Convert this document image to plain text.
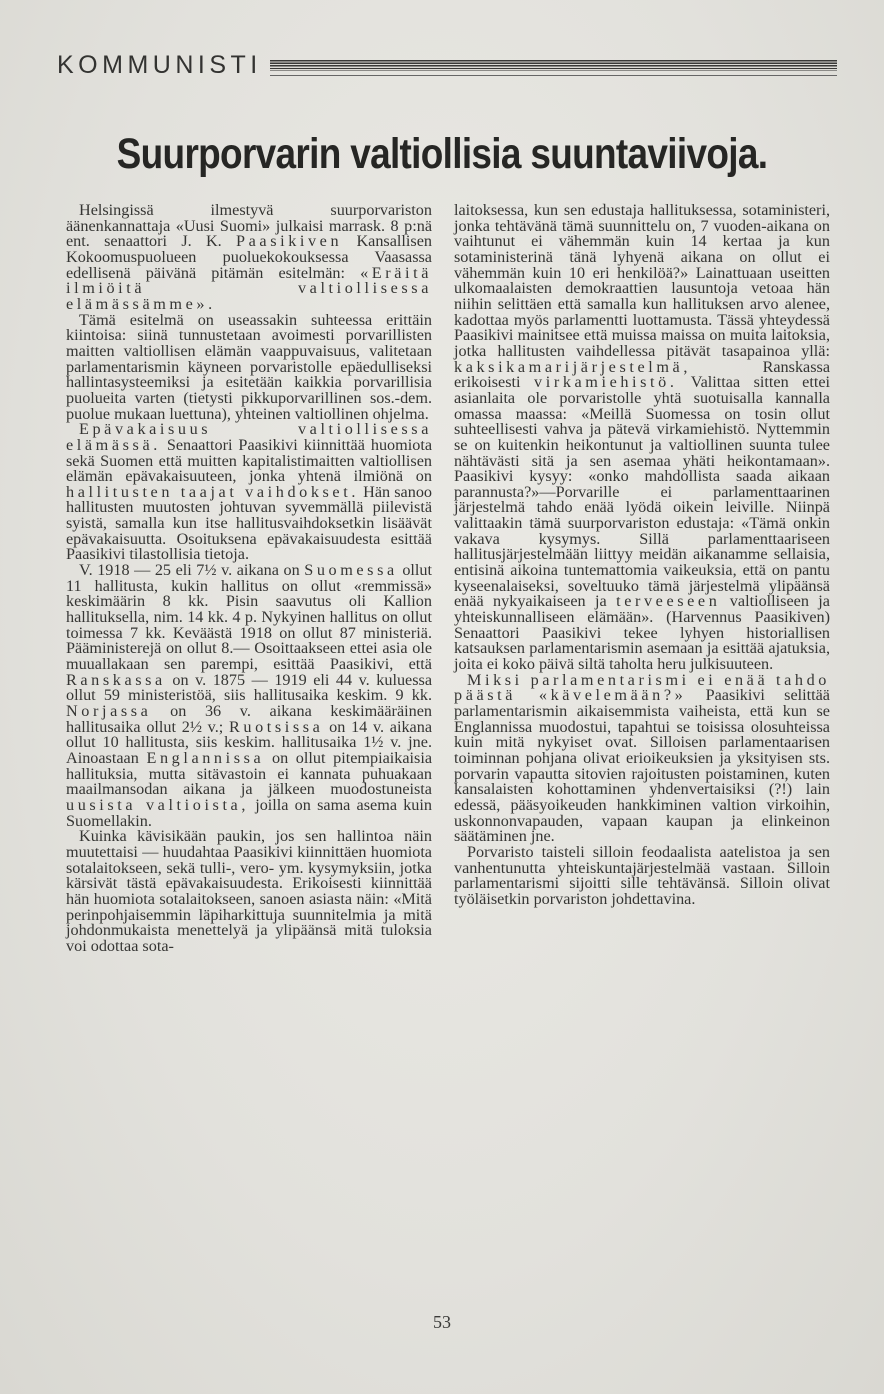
KOMMUNISTI
Suurporvarin valtiollisia suuntaviivoja.

Helsingissä ilmestyvä suurporvariston äänenkannattaja «Uusi Suomi» julkaisi marrask. 8 p:nä ent. senaattori J. K. Paasikiven Kansallisen Kokoomuspuolueen puoluekokouksessa Vaasassa edellisenä päivänä pitämän esitelmän: «Eräitä ilmiöitä valtiollisessa elämässämme».

Tämä esitelmä on useassakin suhteessa erittäin kiintoisa: siinä tunnustetaan avoimesti porvarillisten maitten valtiollisen elämän vaappuvaisuus, valitetaan parlamentarismin käyneen porvaristolle epäedulliseksi hallintasysteemiksi ja esitetään kaikkia porvarillisia puolueita varten (tietysti pikkuporvarillinen sos.-dem. puolue mukaan luettuna), yhteinen valtiollinen ohjelma.

Epävakaisuus valtiollisessa elämässä. Senaattori Paasikivi kiinnittää huomiota sekä Suomen että muitten kapitalistimaitten valtiollisen elämän epävakaisuuteen, jonka yhtenä ilmiönä on hallitusten taajat vaihdokset. Hän sanoo hallitusten muutosten johtuvan syvemmällä piilevistä syistä, samalla kun itse hallitusvaihdoksetkin lisäävät epävakaisuutta. Osoituksena epävakaisuudesta esittää Paasikivi tilastollisia tietoja.

V. 1918 — 25 eli 7½ v. aikana on Suomessa ollut 11 hallitusta, kukin hallitus on ollut «remmissä» keskimäärin 8 kk. Pisin saavutus oli Kallion hallituksella, nim. 14 kk. 4 p. Nykyinen hallitus on ollut toimessa 7 kk. Keväästä 1918 on ollut 87 ministeriä. Pääministerejä on ollut 8.— Osoittaakseen ettei asia ole muuallakaan sen parempi, esittää Paasikivi, että Ranskassa on v. 1875 — 1919 eli 44 v. kuluessa ollut 59 ministeristöä, siis hallitusaika keskim. 9 kk. Norjassa on 36 v. aikana keskimääräinen hallitusaika ollut 2½ v.; Ruotsissa on 14 v. aikana ollut 10 hallitusta, siis keskim. hallitusaika 1½ v. jne. Ainoastaan Englannissa on ollut pitempiaikaisia hallituksia, mutta sitävastoin ei kannata puhuakaan maailmansodan aikana ja jälkeen muodostuneista uusista valtioista, joilla on sama asema kuin Suomellakin.

Kuinka kävisikään paukin, jos sen hallintoa näin muutettaisi — huudahtaa Paasikivi kiinnittäen huomiota sotalaitokseen, sekä tulli-, vero- ym. kysymyksiin, jotka kärsivät tästä epävakaisuudesta. Erikoisesti kiinnittää hän huomiota sotalaitokseen, sanoen asiasta näin: «Mitä perinpohjaisemmin läpiharkittuja suunnitelmia ja mitä johdonmukaista menettelyä ja ylipäänsä mitä tuloksia voi odottaa sota-

laitoksessa, kun sen edustaja hallituksessa, sotaministeri, jonka tehtävänä tämä suunnittelu on, 7 vuoden-aikana on vaihtunut ei vähemmän kuin 14 kertaa ja kun sotaministerinä tänä lyhyenä aikana on ollut ei vähemmän kuin 10 eri henkilöä?» Lainattuaan useitten ulkomaalaisten demokraattien lausuntoja vetoaa hän niihin selittäen että samalla kun hallituksen arvo alenee, kadottaa myös parlamentti luottamusta. Tässä yhteydessä Paasikivi mainitsee että muissa maissa on muita laitoksia, jotka hallitusten vaihdellessa pitävät tasapainoa yllä: kaksikamarijärjestelmä,	Ranskassa erikoisesti virkamiehistö. Valittaa sitten ettei asianlaita ole porvaristolle yhtä suotuisalla kannalla omassa maassa: «Meillä Suomessa on tosin ollut suhteellisesti vahva ja pätevä virkamiehistö. Nyttemmin se on kuitenkin heikontunut ja valtiollinen suunta tulee nähtävästi sitä ja sen asemaa yhäti heikontamaan». Paasikivi kysyy: «onko mahdollista saada aikaan parannusta?»—Porvarille ei parlamenttaarinen järjestelmä tahdo enää lyödä oikein leiville. Niinpä valittaakin tämä suurporvariston edustaja: «Tämä onkin vakava kysymys. Sillä parlamenttaariseen hallitusjärjestelmään liittyy meidän aikanamme sellaisia, entisinä aikoina tuntemattomia vaikeuksia, että on pantu kyseenalaiseksi, soveltuuko tämä järjestelmä ylipäänsä enää nykyaikaiseen ja terveeseen valtiolliseen ja yhteiskunnalliseen elämään». (Harvennus Paasikiven) Senaattori Paasikivi tekee lyhyen historiallisen katsauksen parlamentarismin asemaan ja esittää ajatuksia, joita ei koko päivä siltä taholta heru julkisuuteen.

Miksi parlamentarismi ei enää tahdo päästä «kävelemään?» Paasikivi selittää parlamentarismin aikaisemmista vaiheista, että kun se Englannissa muodostui, tapahtui se toisissa olosuhteissa kuin mitä nykyiset ovat. Silloisen parlamentaarisen toiminnan pohjana olivat erioikeuksien ja yksityisen sts. porvarin vapautta sitovien rajoitusten poistaminen, kuten kansalaisten kohottaminen yhdenvertaisiksi (?!) lain edessä, pääsyoikeuden hankkiminen valtion virkoihin, uskonnonvapauden, vapaan kaupan ja elinkeinon säätäminen jne.

Porvaristo taisteli silloin feodaalista aatelistoa ja sen vanhentunutta yhteiskuntajärjestelmää vastaan. Silloin parlamentarismi sijoitti sille tehtävänsä. Silloin olivat työläisetkin porvariston johdettavina.

53
